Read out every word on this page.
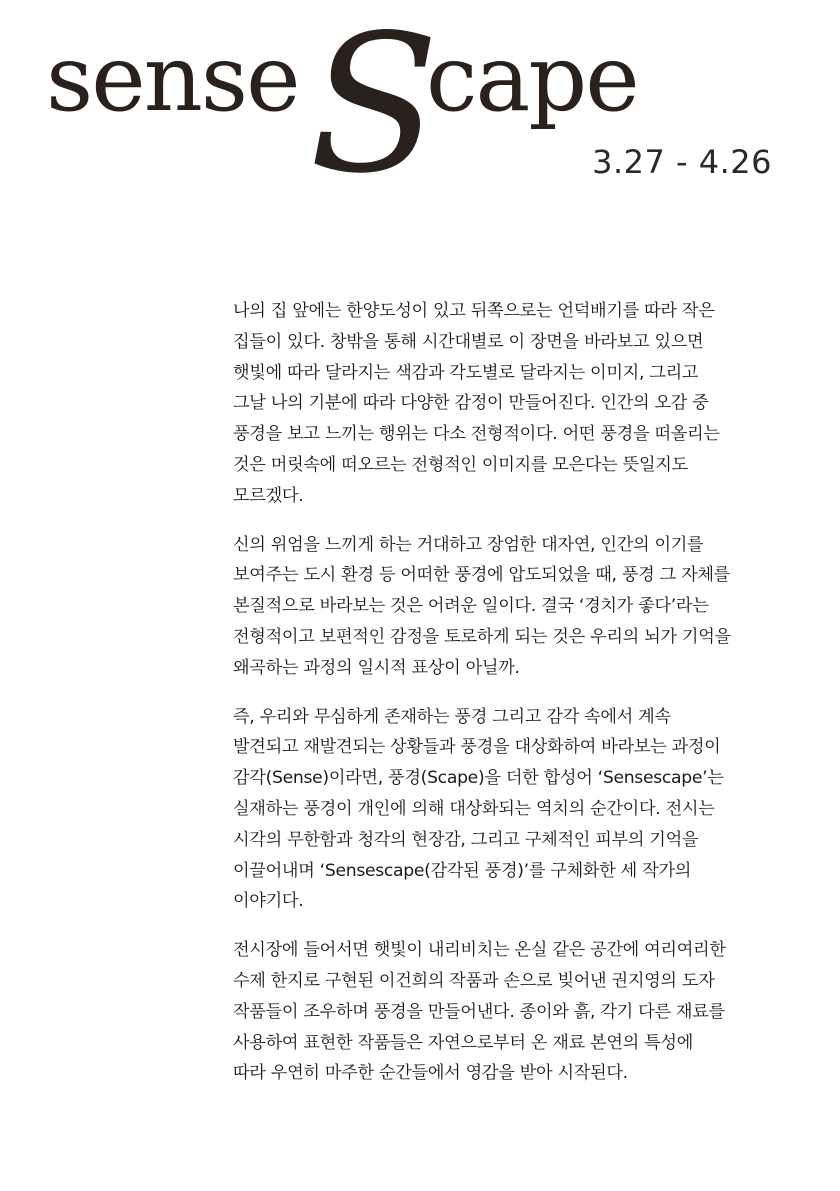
sense S
cape
3.27 - 4.26
나의 집 앞에는 한양도성이 있고 뒤쪽으로는 언덕배기를 따라 작은
집들이 있다. 창밖을 통해 시간대별로 이 장면을 바라보고 있으면
햇빛에 따라 달라지는 색감과 각도별로 달라지는 이미지, 그리고
그날 나의 기분에 따라 다양한 감정이 만들어진다. 인간의 오감 중
풍경을 보고 느끼는 행위는 다소 전형적이다. 어떤 풍경을 떠올리는
것은 머릿속에 떠오르는 전형적인 이미지를 모은다는 뜻일지도
모르겠다.
신의 위엄을 느끼게 하는 거대하고 장엄한 대자연, 인간의 이기를
보여주는 도시 환경 등 어떠한 풍경에 압도되었을 때, 풍경 그 자체를
본질적으로 바라보는 것은 어려운 일이다. 결국 ‘경치가 좋다’라는
전형적이고 보편적인 감정을 토로하게 되는 것은 우리의 뇌가 기억을
왜곡하는 과정의 일시적 표상이 아닐까.
즉, 우리와 무심하게 존재하는 풍경 그리고 감각 속에서 계속
발견되고 재발견되는 상황들과 풍경을 대상화하여 바라보는 과정이
감각(Sense)이라면, 풍경(Scape)을 더한 합성어 ‘Sensescape’는
실재하는 풍경이 개인에 의해 대상화되는 역치의 순간이다. 전시는
시각의 무한함과 청각의 현장감, 그리고 구체적인 피부의 기억을
이끌어내며 ‘Sensescape(감각된 풍경)’를 구체화한 세 작가의
이야기다.
전시장에 들어서면 햇빛이 내리비치는 온실 같은 공간에 여리여리한
수제 한지로 구현된 이건희의 작품과 손으로 빚어낸 권지영의 도자
작품들이 조우하며 풍경을 만들어낸다. 종이와 흙, 각기 다른 재료를
사용하여 표현한 작품들은 자연으로부터 온 재료 본연의 특성에
따라 우연히 마주한 순간들에서 영감을 받아 시작된다.
